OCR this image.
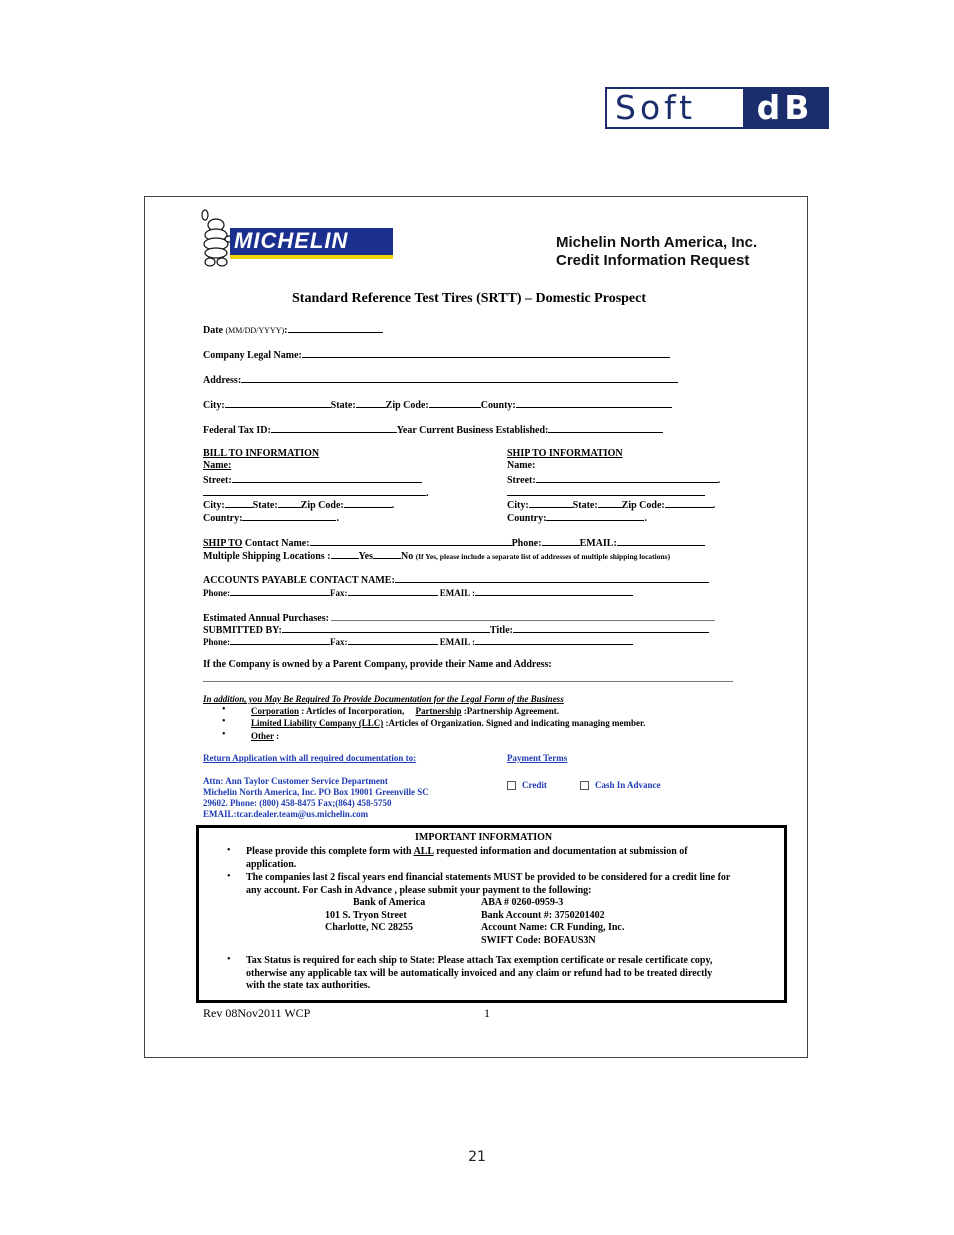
Soft	dB
MICHELIN	Michelin North America, Inc.
Credit Information Request
Standard Reference Test Tires (SRTT) – Domestic Prospect
Date (MM/DD/YYYY):
Company Legal Name:
Address:
City:	State:	Zip Code:	County:
Federal Tax ID:	Year Current Business Established:
BILL TO INFORMATION
Name:
Street:
.
City:	State: Zip Code:	.
Country:	.
SHIP TO INFORMATION
Name:
Street:	.
City:	State: Zip Code:	.
Country:	.
SHIP TO Contact Name:	Phone:	EMAIL:
Multiple Shipping Locations :	Yes	No (If Yes, please include a separate list of addresses of multiple shipping locations)
ACCOUNTS PAYABLE CONTACT NAME:
Phone:	Fax:	EMAIL :
Estimated Annual Purchases:
SUBMITTED BY:	Title:
Phone:	Fax:	EMAIL :
If the Company is owned by a Parent Company, provide their Name and Address:
In addition, you May Be Required To Provide Documentation for the Legal Form of the Business
•	Corporation : Articles of Incorporation, Partnership :Partnership Agreement.
•	Limited Liability Company (LLC) :Articles of Organization. Signed and indicating managing member.
•	Other :
Return Application with all required documentation to:	Payment Terms
Attn: Ann Taylor Customer Service Department
Michelin North America, Inc. PO Box 19001 Greenville SC
29602. Phone: (800) 458-8475 Fax;(864) 458-5750
EMAIL:tcar.dealer.team@us.michelin.com
Credit	Cash In Advance
IMPORTANT INFORMATION
• Please provide this complete form with ALL requested information and documentation at submission of
application.
• The companies last 2 fiscal years end financial statements MUST be provided to be considered for a credit line for
any account. For Cash in Advance , please submit your payment to the following:
Bank of America
101 S. Tryon Street
Charlotte, NC 28255
ABA # 0260-0959-3
Bank Account #: 3750201402
Account Name: CR Funding, Inc.
SWIFT Code: BOFAUS3N
• Tax Status is required for each ship to State: Please attach Tax exemption certificate or resale certificate copy,
otherwise any applicable tax will be automatically invoiced and any claim or refund had to be treated directly
with the state tax authorities.
Rev 08Nov2011 WCP	1
21
